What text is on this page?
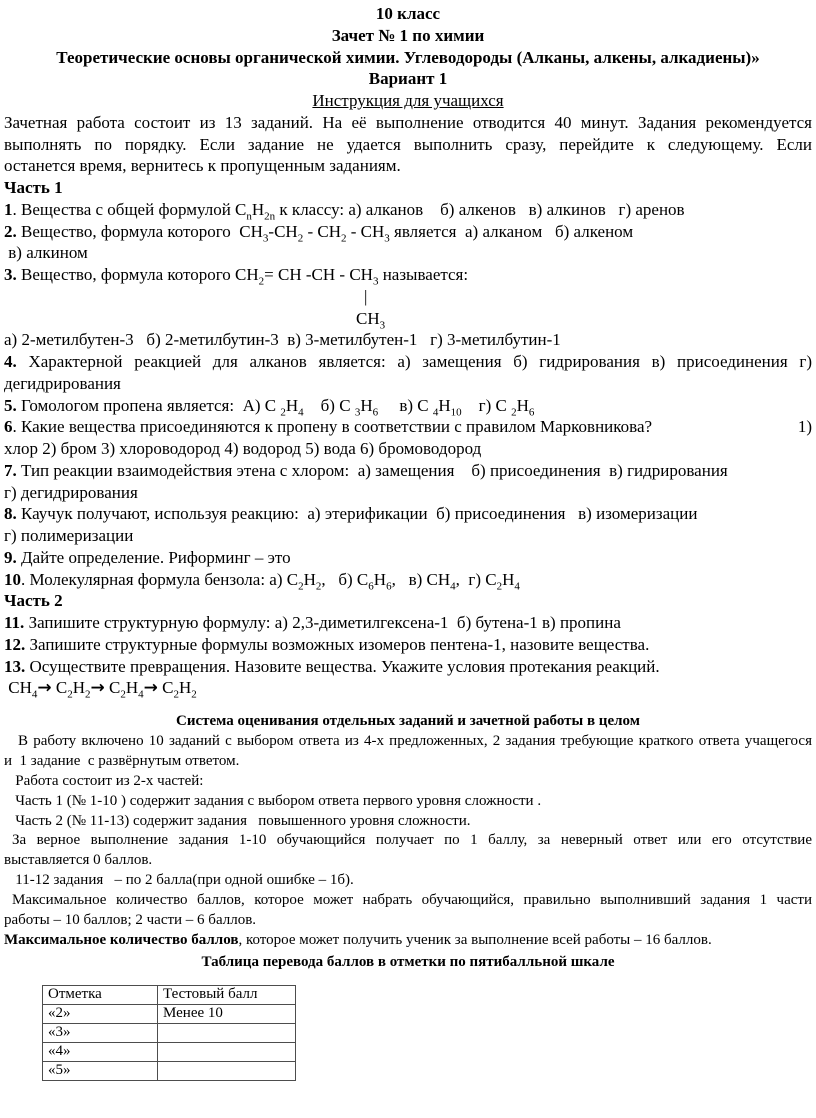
10 класс
Зачет № 1 по химии
Теоретические основы органической химии. Углеводороды (Алканы, алкены, алкадиены)»
Вариант 1
Инструкция для учащихся
Зачетная работа состоит из 13 заданий. На её выполнение отводится 40 минут. Задания рекомендуется
выполнять по порядку. Если задание не удается выполнить сразу, перейдите к следующему. Если
останется время, вернитесь к пропущенным заданиям.
Часть 1
1. Вещества с общей формулой $С_nН_{2n}$ к классу: а) алканов    б) алкенов   в) алкинов   г) аренов
2. Вещество, формула которого  $СН_3-СН_2 - СН_2 - СН_3$ является  а) алканом   б) алкеном
в) алкином
3. Вещество, формула которого $СН_2=$ СН $-СН - СН_3$ называется:
|
$СН_3$
а) 2-метилбутен-3   б) 2-метилбутин-3  в) 3-метилбутен-1   г) 3-метилбутин-1
4. Характерной реакцией для алканов является: а) замещения б) гидрирования в) присоединения г)
дегидрирования
5. Гомологом пропена является:  А) С $_2Н_4$    б) С $_3Н_6$     в) С $_4Н_{10}$    г) С $_2Н_6$
6. Какие вещества присоединяются к пропену в соответствии с правилом Марковникова?	1)
хлор 2) бром 3) хлороводород 4) водород 5) вода 6) бромоводород
7. Тип реакции взаимодействия этена с хлором:  а) замещения    б) присоединения  в) гидрирования
г) дегидрирования
8. Каучук получают, используя реакцию:  а) этерификации  б) присоединения   в) изомеризации
г) полимеризации
9. Дайте определение. Риформинг – это
10. Молекулярная формула бензола: а) $С_2Н_2$,   б) $С_6Н_6$,   в) $СН_4$,  г) $С_2Н_4$
Часть 2
11. Запишите структурную формулу: а) 2,3-диметилгексена-1  б) бутена-1 в) пропина
12. Запишите структурные формулы возможных изомеров пентена-1, назовите вещества.
13. Осуществите превращения. Назовите вещества. Укажите условия протекания реакций.
$СН_4\to С_2Н_2\to С_2Н_4\to С_2Н_2$
Система оценивания отдельных заданий и зачетной работы в целом
В работу включено 10 заданий с выбором ответа из 4-х предложенных, 2 задания требующие краткого ответа учащегося
и  1 задание  с развёрнутым ответом.
Работа состоит из 2-х частей:
Часть 1 (№ 1-10 ) содержит задания с выбором ответа первого уровня сложности .
Часть 2 (№ 11-13) содержит задания   повышенного уровня сложности.
За верное выполнение задания 1-10 обучающийся получает по 1 баллу, за неверный ответ или его отсутствие
выставляется 0 баллов.
11-12 задания   – по 2 балла(при одной ошибке – 1б).
Максимальное количество баллов, которое может набрать обучающийся, правильно выполнивший задания 1 части
работы – 10 баллов; 2 части – 6 баллов.
Максимальное количество баллов, которое может получить ученик за выполнение всей работы – 16 баллов.
Таблица перевода баллов в отметки по пятибалльной шкале
Отметка	Тестовый балл
«2»	Менее 10
«3»	
«4»	
«5»	
